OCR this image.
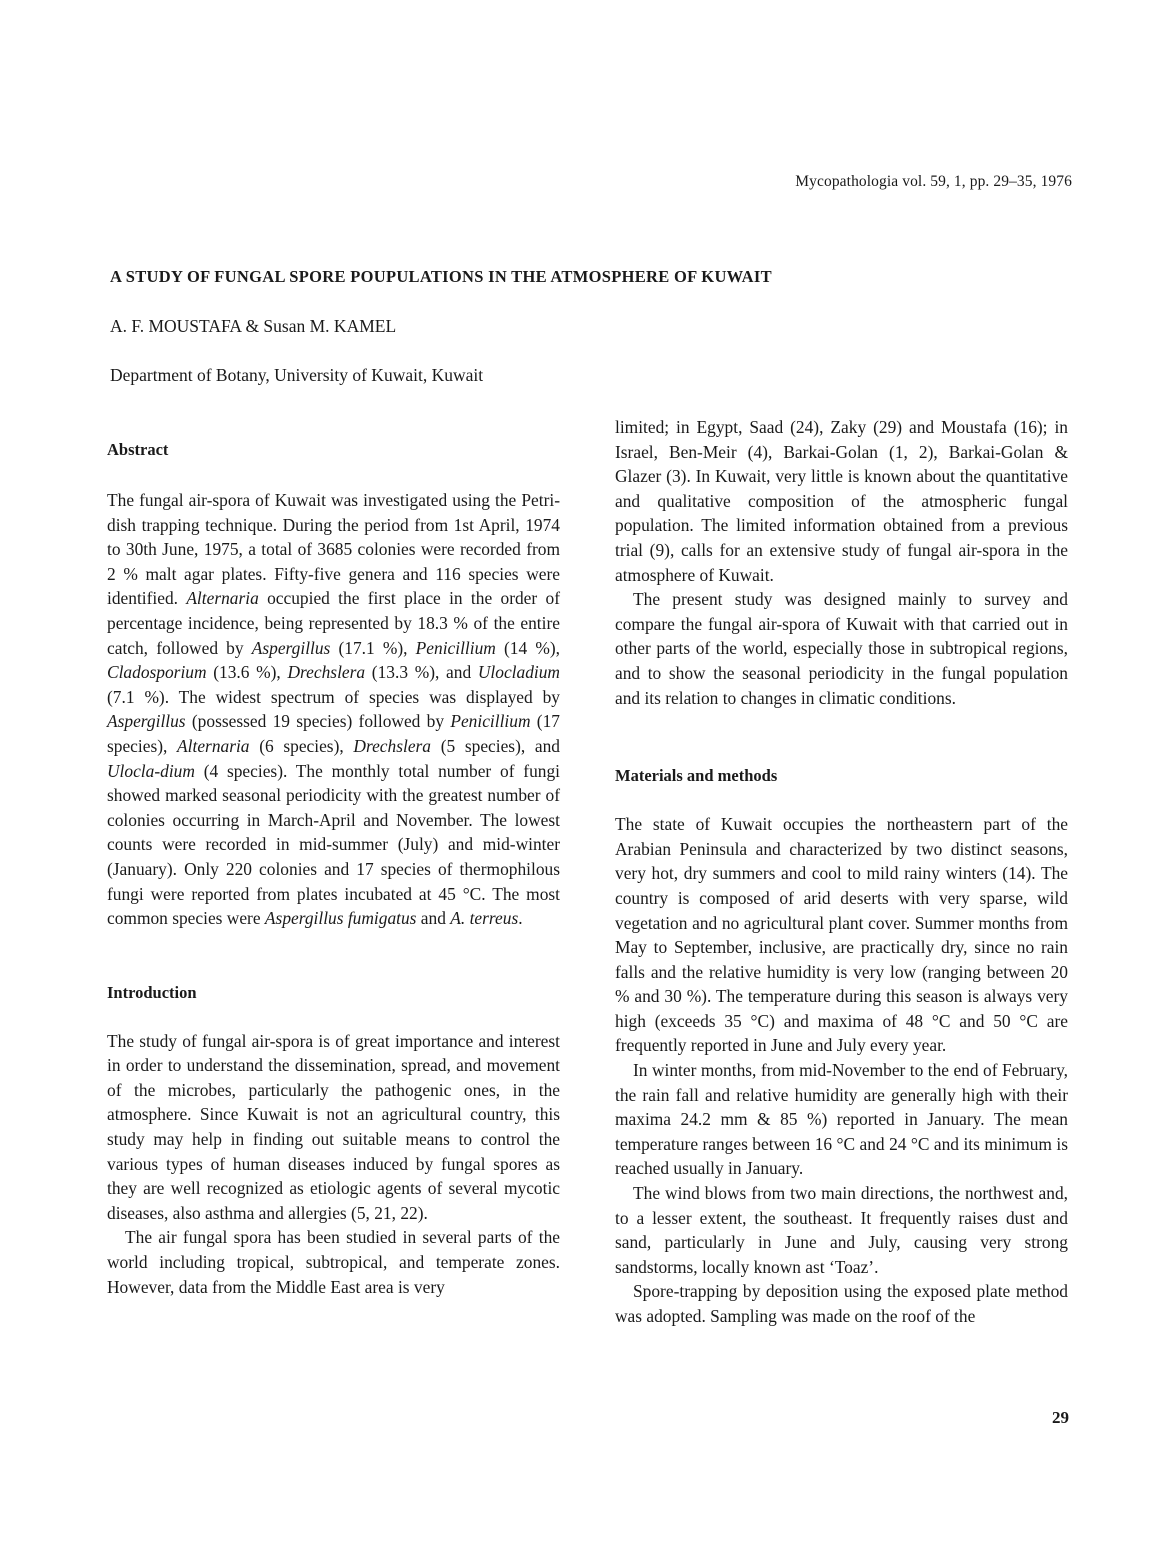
Mycopathologia vol. 59, 1, pp. 29–35, 1976
A STUDY OF FUNGAL SPORE POUPULATIONS IN THE ATMOSPHERE OF KUWAIT

A. F. MOUSTAFA & Susan M. KAMEL

Department of Botany, University of Kuwait, Kuwait

Abstract

The fungal air-spora of Kuwait was investigated using the Petri-dish trapping technique. During the period from 1st April, 1974 to 30th June, 1975, a total of 3685 colonies were recorded from 2 % malt agar plates. Fifty-five genera and 116 species were identified. Alternaria occupied the first place in the order of percentage incidence, being represented by 18.3 % of the entire catch, followed by Aspergillus (17.1 %), Penicillium (14 %), Cladosporium (13.6 %), Drechslera (13.3 %), and Ulocladium (7.1 %). The widest spectrum of species was displayed by Aspergillus (possessed 19 species) followed by Penicillium (17 species), Alternaria (6 species), Drechslera (5 species), and Uloclа-dium (4 species). The monthly total number of fungi showed marked seasonal periodicity with the greatest number of colonies occurring in March-April and November. The lowest counts were recorded in mid-summer (July) and mid-winter (January). Only 220 colonies and 17 species of thermophilous fungi were reported from plates incubated at 45 °C. The most common species were Aspergillus fumigatus and A. terreus.

Introduction

The study of fungal air-spora is of great importance and interest in order to understand the dissemination, spread, and movement of the microbes, particularly the pathogenic ones, in the atmosphere. Since Kuwait is not an agricultural country, this study may help in finding out suitable means to control the various types of human diseases induced by fungal spores as they are well recognized as etiologic agents of several mycotic diseases, also asthma and allergies (5, 21, 22).

The air fungal spora has been studied in several parts of the world including tropical, subtropical, and temperate zones. However, data from the Middle East area is very

limited; in Egypt, Saad (24), Zaky (29) and Moustafa (16); in Israel, Ben-Meir (4), Barkai-Golan (1, 2), Barkai-Golan & Glazer (3). In Kuwait, very little is known about the quantitative and qualitative composition of the atmospheric fungal population. The limited information obtained from a previous trial (9), calls for an extensive study of fungal air-spora in the atmosphere of Kuwait.

The present study was designed mainly to survey and compare the fungal air-spora of Kuwait with that carried out in other parts of the world, especially those in subtropical regions, and to show the seasonal periodicity in the fungal population and its relation to changes in climatic conditions.

Materials and methods

The state of Kuwait occupies the northeastern part of the Arabian Peninsula and characterized by two distinct seasons, very hot, dry summers and cool to mild rainy winters (14). The country is composed of arid deserts with very sparse, wild vegetation and no agricultural plant cover. Summer months from May to September, inclusive, are practically dry, since no rain falls and the relative humidity is very low (ranging between 20 % and 30 %). The temperature during this season is always very high (exceeds 35 °C) and maxima of 48 °C and 50 °C are frequently reported in June and July every year.

In winter months, from mid-November to the end of February, the rain fall and relative humidity are generally high with their maxima 24.2 mm & 85 %) reported in January. The mean temperature ranges between 16 °C and 24 °C and its minimum is reached usually in January.

The wind blows from two main directions, the northwest and, to a lesser extent, the southeast. It frequently raises dust and sand, particularly in June and July, causing very strong sandstorms, locally known ast ‘Toaz’.

Spore-trapping by deposition using the exposed plate method was adopted. Sampling was made on the roof of the

29
